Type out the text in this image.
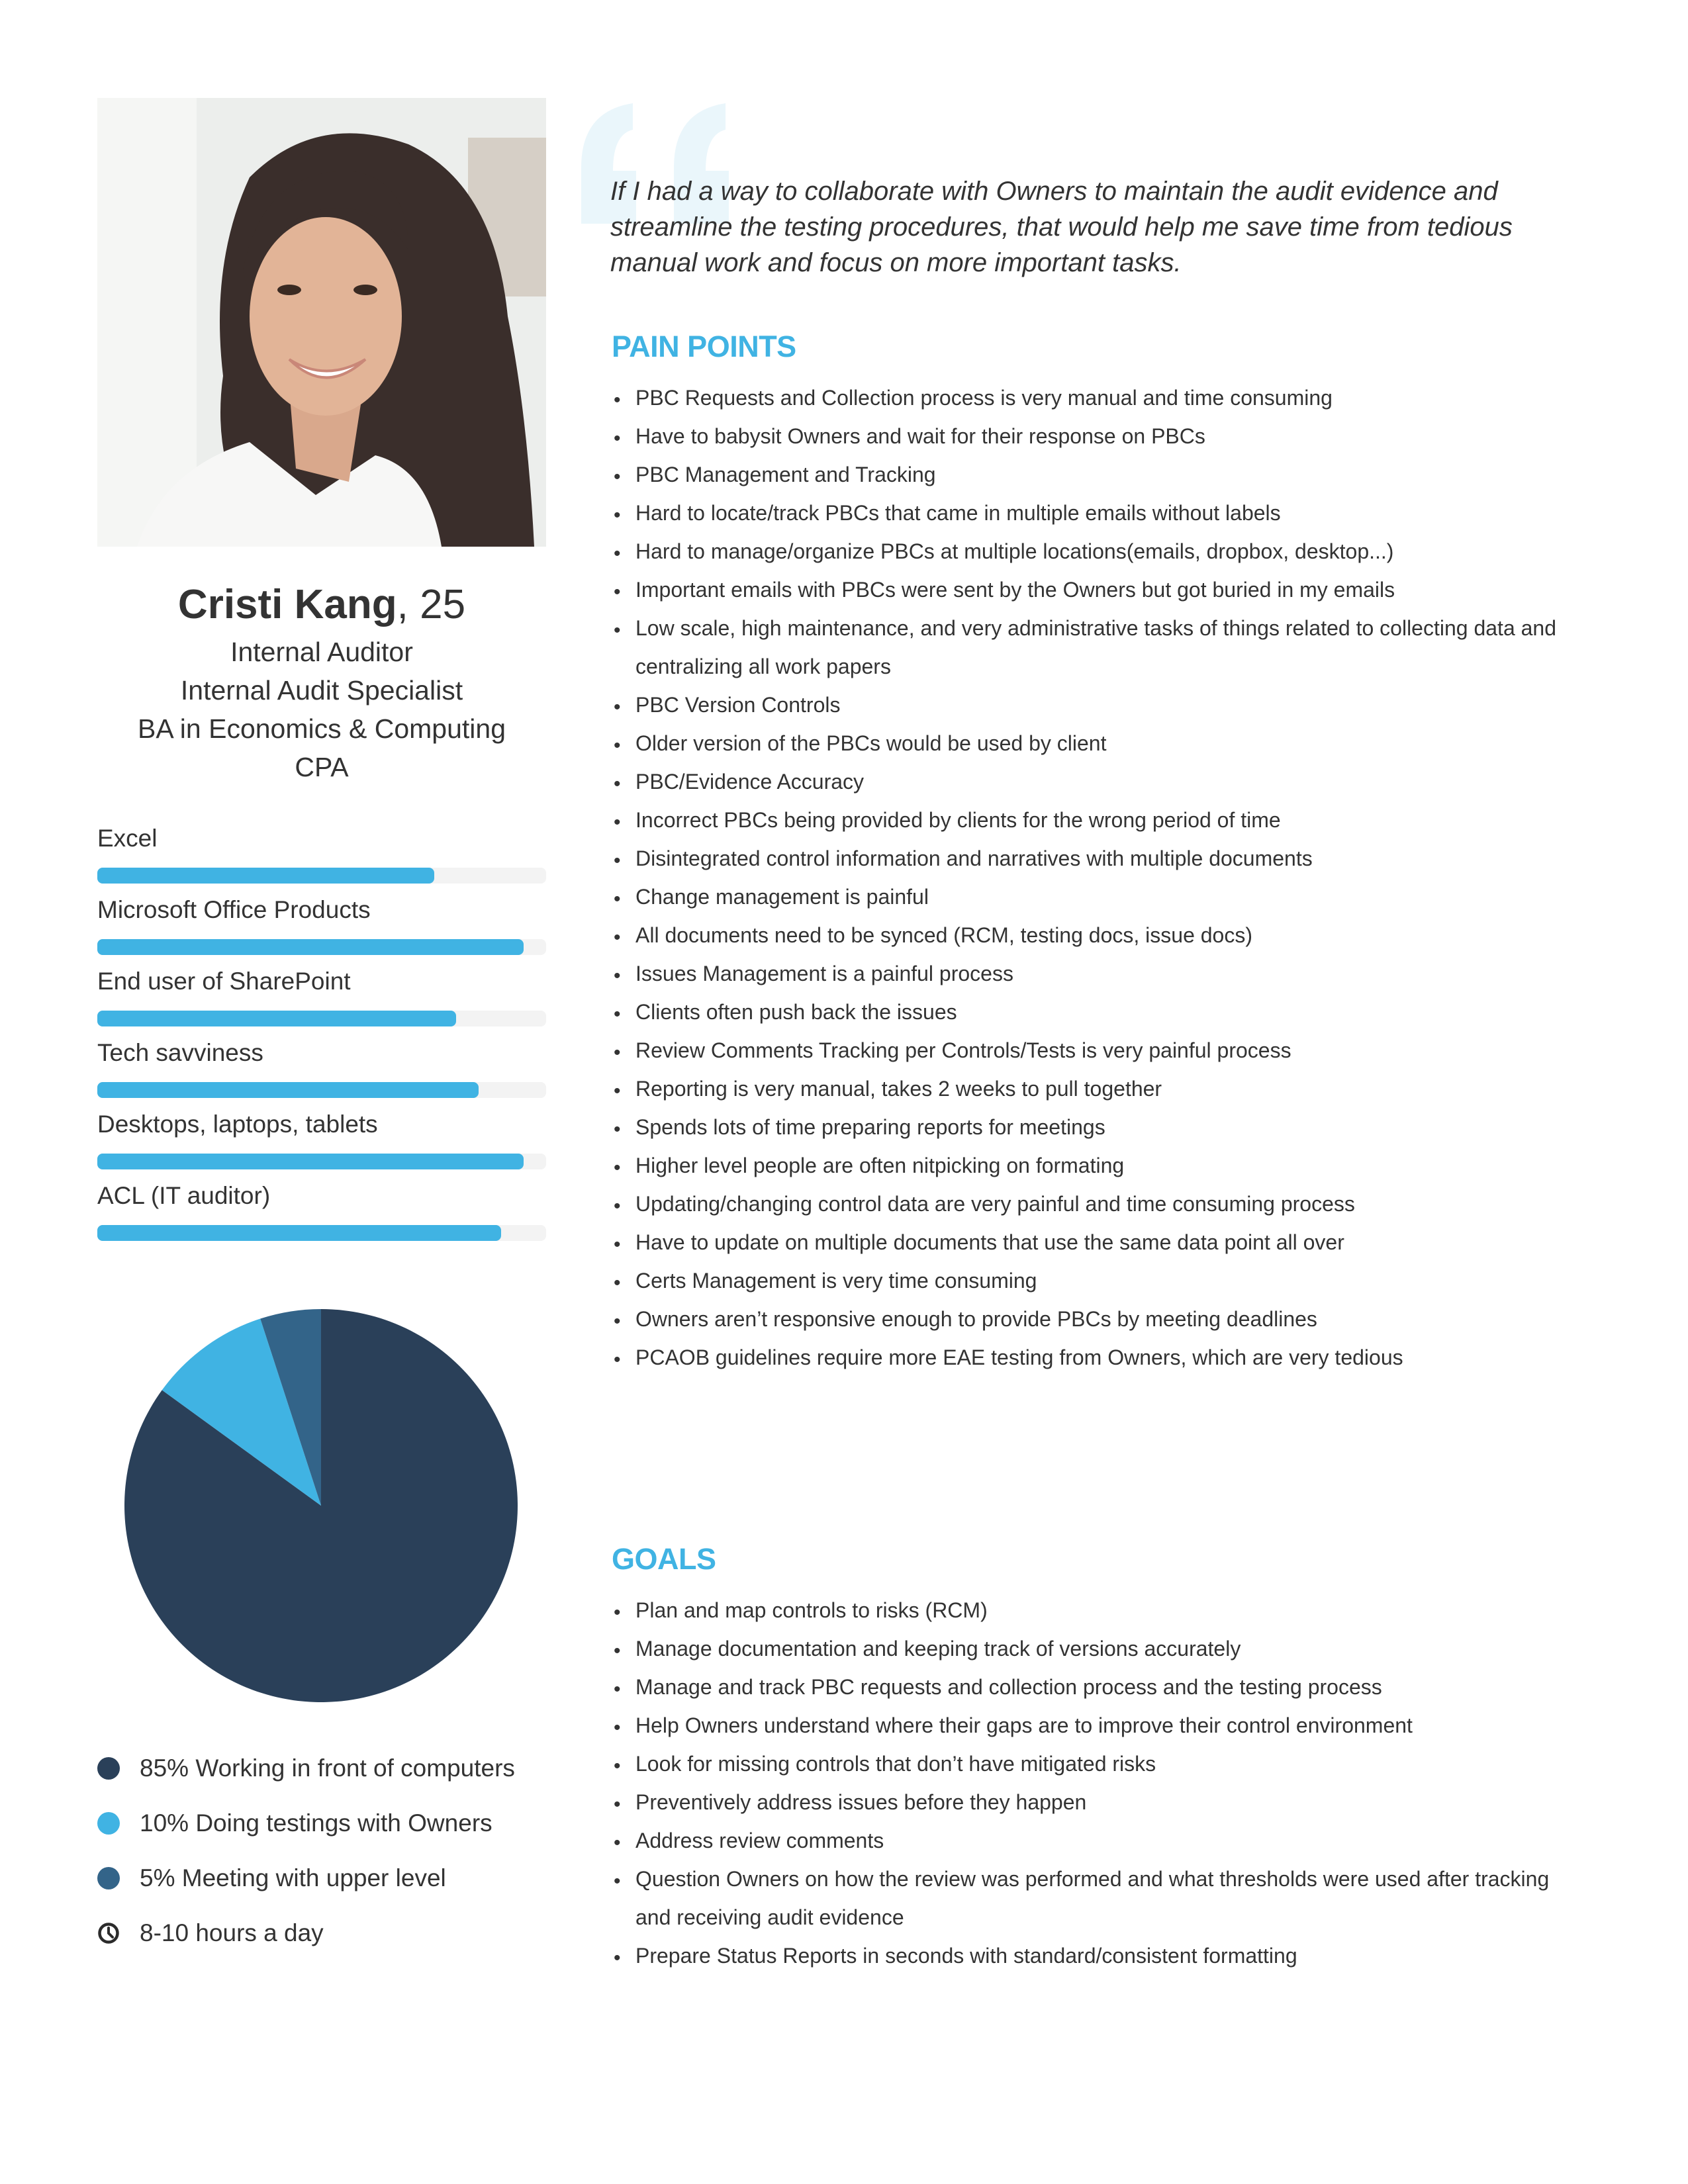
Cristi Kang, 25
Internal Auditor
Internal Audit Specialist
BA in Economics & Computing
CPA
Excel
Microsoft Office Products
End user of SharePoint
Tech savviness
Desktops, laptops, tablets
ACL (IT auditor)
85% Working in front of computers
10% Doing testings with Owners
5% Meeting with upper level
8-10 hours a day
If I had a way to collaborate with Owners to maintain the audit evidence and streamline the testing procedures, that would help me save time from tedious manual work and focus on more important tasks.
PAIN POINTS
• PBC Requests and Collection process is very manual and time consuming
• Have to babysit Owners and wait for their response on PBCs
• PBC Management and Tracking
• Hard to locate/track PBCs that came in multiple emails without labels
• Hard to manage/organize PBCs at multiple locations(emails, dropbox, desktop...)
• Important emails with PBCs were sent by the Owners but got buried in my emails
• Low scale, high maintenance, and very administrative tasks of things related to collecting data and centralizing all work papers
• PBC Version Controls
• Older version of the PBCs would be used by client
• PBC/Evidence Accuracy
• Incorrect PBCs being provided by clients for the wrong period of time
• Disintegrated control information and narratives with multiple documents
• Change management is painful
• All documents need to be synced (RCM, testing docs, issue docs)
• Issues Management is a painful process
• Clients often push back the issues
• Review Comments Tracking per Controls/Tests is very painful process
• Reporting is very manual, takes 2 weeks to pull together
• Spends lots of time preparing reports for meetings
• Higher level people are often nitpicking on formating
• Updating/changing control data are very painful and time consuming process
• Have to update on multiple documents that use the same data point all over
• Certs Management is very time consuming
• Owners aren’t responsive enough to provide PBCs by meeting deadlines
• PCAOB guidelines require more EAE testing from Owners, which are very tedious
GOALS
• Plan and map controls to risks (RCM)
• Manage documentation and keeping track of versions accurately
• Manage and track PBC requests and collection process and the testing process
• Help Owners understand where their gaps are to improve their control environment
• Look for missing controls that don’t have mitigated risks
• Preventively address issues before they happen
• Address review comments
• Question Owners on how the review was performed and what thresholds were used after tracking and receiving audit evidence
• Prepare Status Reports in seconds with standard/consistent formatting
